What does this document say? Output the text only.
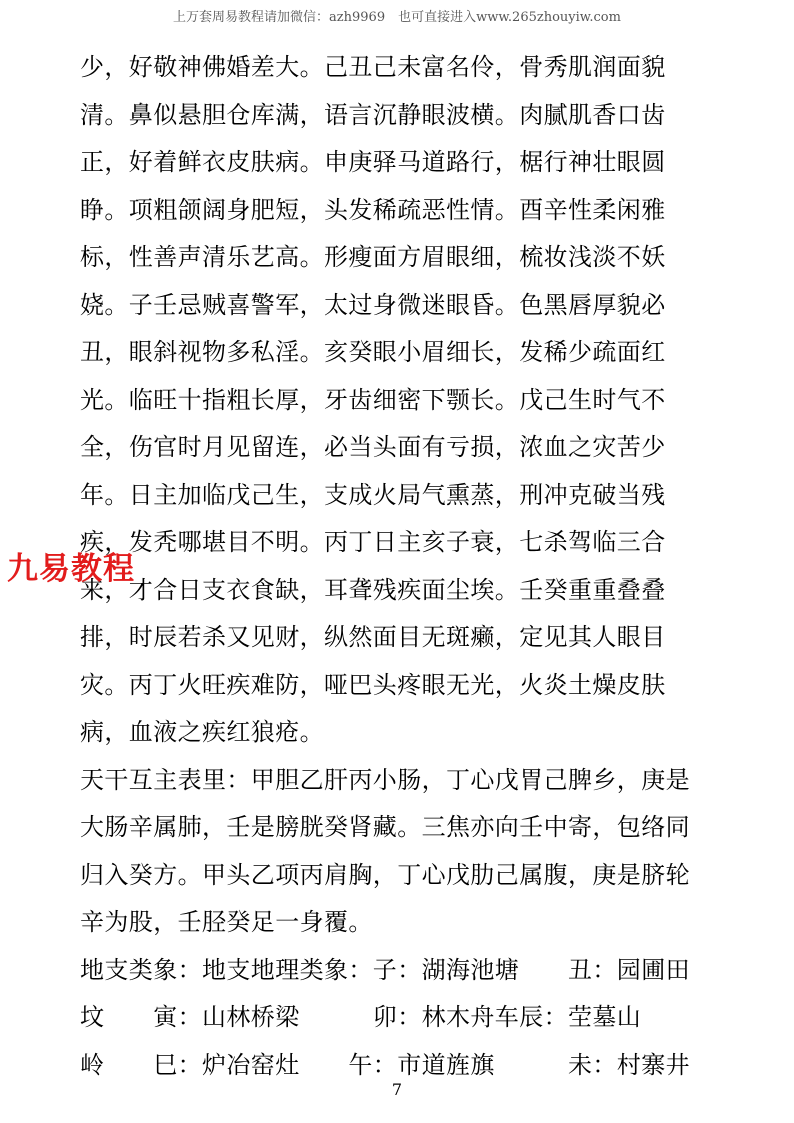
上万套周易教程请加微信：azh9969　也可直接进入www.265zhouyiw.com
少，好敬神佛婚差大。己丑己未富名伶，骨秀肌润面貌
清。鼻似悬胆仓库满，语言沉静眼波横。肉腻肌香口齿
正，好着鲜衣皮肤病。申庚驿马道路行，椐行神壮眼圆
睁。项粗颌阔身肥短，头发稀疏恶性情。酉辛性柔闲雅
标，性善声清乐艺高。形瘦面方眉眼细，梳妆浅淡不妖
娆。子壬忌贼喜警军，太过身微迷眼昏。色黑唇厚貌必
丑，眼斜视物多私淫。亥癸眼小眉细长，发稀少疏面红
光。临旺十指粗长厚，牙齿细密下颚长。戊己生时气不
全，伤官时月见留连，必当头面有亏损，浓血之灾苦少
年。日主加临戊己生，支成火局气熏蒸，刑冲克破当残
疾，发秃哪堪目不明。丙丁日主亥子衰，七杀驾临三合
来，才合日支衣食缺，耳聋残疾面尘埃。壬癸重重叠叠
排，时辰若杀又见财，纵然面目无斑癞，定见其人眼目
灾。丙丁火旺疾难防，哑巴头疼眼无光，火炎土燥皮肤
病，血液之疾红狼疮。
天干互主表里：甲胆乙肝丙小肠，丁心戊胃己脾乡，庚是
大肠辛属肺，壬是膀胱癸肾藏。三焦亦向壬中寄，包络同
归入癸方。甲头乙项丙肩胸，丁心戊肋己属腹，庚是脐轮
辛为股，壬胫癸足一身覆。
地支类象：地支地理类象：子：湖海池塘　　丑：园圃田
坟　　寅：山林桥梁　　　卯：林木舟车辰：茔墓山
岭　　巳：炉冶窑灶　　午：市道旌旗　　　未：村寨井
九易教程
7
